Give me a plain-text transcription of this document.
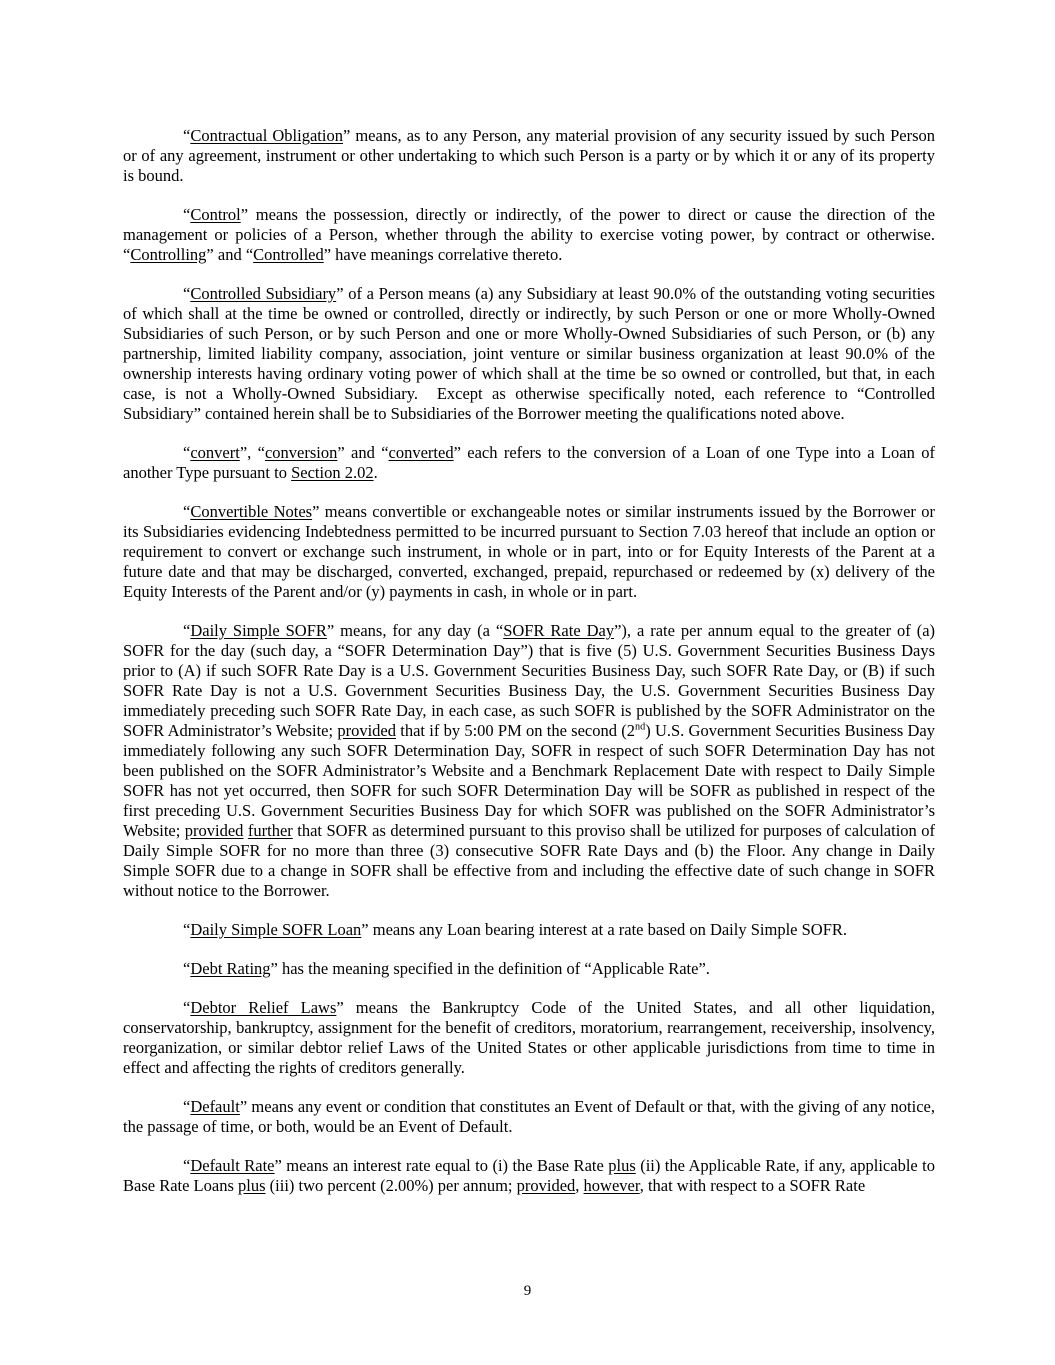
“Contractual Obligation” means, as to any Person, any material provision of any security issued by such Person or of any agreement, instrument or other undertaking to which such Person is a party or by which it or any of its property is bound.

“Control” means the possession, directly or indirectly, of the power to direct or cause the direction of the management or policies of a Person, whether through the ability to exercise voting power, by contract or otherwise. “Controlling” and “Controlled” have meanings correlative thereto.

“Controlled Subsidiary” of a Person means (a) any Subsidiary at least 90.0% of the outstanding voting securities of which shall at the time be owned or controlled, directly or indirectly, by such Person or one or more Wholly-Owned Subsidiaries of such Person, or by such Person and one or more Wholly-Owned Subsidiaries of such Person, or (b) any partnership, limited liability company, association, joint venture or similar business organization at least 90.0% of the ownership interests having ordinary voting power of which shall at the time be so owned or controlled, but that, in each case, is not a Wholly-Owned Subsidiary.  Except as otherwise specifically noted, each reference to “Controlled Subsidiary” contained herein shall be to Subsidiaries of the Borrower meeting the qualifications noted above.

“convert”, “conversion” and “converted” each refers to the conversion of a Loan of one Type into a Loan of another Type pursuant to Section 2.02.

“Convertible Notes” means convertible or exchangeable notes or similar instruments issued by the Borrower or its Subsidiaries evidencing Indebtedness permitted to be incurred pursuant to Section 7.03 hereof that include an option or requirement to convert or exchange such instrument, in whole or in part, into or for Equity Interests of the Parent at a future date and that may be discharged, converted, exchanged, prepaid, repurchased or redeemed by (x) delivery of the Equity Interests of the Parent and/or (y) payments in cash, in whole or in part.

“Daily Simple SOFR” means, for any day (a “SOFR Rate Day”), a rate per annum equal to the greater of (a) SOFR for the day (such day, a “SOFR Determination Day”) that is five (5) U.S. Government Securities Business Days prior to (A) if such SOFR Rate Day is a U.S. Government Securities Business Day, such SOFR Rate Day, or (B) if such SOFR Rate Day is not a U.S. Government Securities Business Day, the U.S. Government Securities Business Day immediately preceding such SOFR Rate Day, in each case, as such SOFR is published by the SOFR Administrator on the SOFR Administrator’s Website; provided that if by 5:00 PM on the second (2nd) U.S. Government Securities Business Day immediately following any such SOFR Determination Day, SOFR in respect of such SOFR Determination Day has not been published on the SOFR Administrator’s Website and a Benchmark Replacement Date with respect to Daily Simple SOFR has not yet occurred, then SOFR for such SOFR Determination Day will be SOFR as published in respect of the first preceding U.S. Government Securities Business Day for which SOFR was published on the SOFR Administrator’s Website; provided further that SOFR as determined pursuant to this proviso shall be utilized for purposes of calculation of Daily Simple SOFR for no more than three (3) consecutive SOFR Rate Days and (b) the Floor. Any change in Daily Simple SOFR due to a change in SOFR shall be effective from and including the effective date of such change in SOFR without notice to the Borrower.

“Daily Simple SOFR Loan” means any Loan bearing interest at a rate based on Daily Simple SOFR.

“Debt Rating” has the meaning specified in the definition of “Applicable Rate”.

“Debtor Relief Laws” means the Bankruptcy Code of the United States, and all other liquidation, conservatorship, bankruptcy, assignment for the benefit of creditors, moratorium, rearrangement, receivership, insolvency, reorganization, or similar debtor relief Laws of the United States or other applicable jurisdictions from time to time in effect and affecting the rights of creditors generally.

“Default” means any event or condition that constitutes an Event of Default or that, with the giving of any notice, the passage of time, or both, would be an Event of Default.

“Default Rate” means an interest rate equal to (i) the Base Rate plus (ii) the Applicable Rate, if any, applicable to Base Rate Loans plus (iii) two percent (2.00%) per annum; provided, however, that with respect to a SOFR Rate

9
